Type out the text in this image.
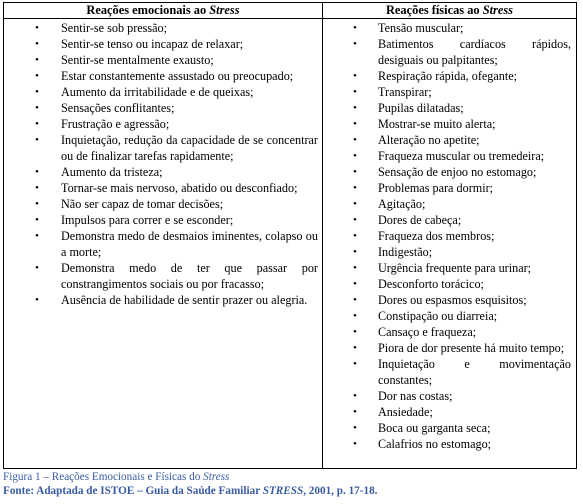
Reações emocionais ao Stress
• Sentir-se sob pressão;
• Sentir-se tenso ou incapaz de relaxar;
• Sentir-se mentalmente exausto;
• Estar constantemente assustado ou preocupado;
• Aumento da irritabilidade e de queixas;
• Sensações conflitantes;
• Frustração e agressão;
• Inquietação, redução da capacidade de se concentrar ou de finalizar tarefas rapidamente;
• Aumento da tristeza;
• Tornar-se mais nervoso, abatido ou desconfiado;
• Não ser capaz de tomar decisões;
• Impulsos para correr e se esconder;
• Demonstra medo de desmaios iminentes, colapso ou a morte;
• Demonstra medo de ter que passar por constrangimentos sociais ou por fracasso;
• Ausência de habilidade de sentir prazer ou alegria.
Reações físicas ao Stress
• Tensão muscular;
• Batimentos cardíacos rápidos, desiguais ou palpitantes;
• Respiração rápida, ofegante;
• Transpirar;
• Pupilas dilatadas;
• Mostrar-se muito alerta;
• Alteração no apetite;
• Fraqueza muscular ou tremedeira;
• Sensação de enjoo no estomago;
• Problemas para dormir;
• Agitação;
• Dores de cabeça;
• Fraqueza dos membros;
• Indigestão;
• Urgência frequente para urinar;
• Desconforto torácico;
• Dores ou espasmos esquisitos;
• Constipação ou diarreia;
• Cansaço e fraqueza;
• Piora de dor presente há muito tempo;
• Inquietação e movimentação constantes;
• Dor nas costas;
• Ansiedade;
• Boca ou garganta seca;
• Calafrios no estomago;
Figura 1 – Reações Emocionais e Físicas do Stress
Fonte: Adaptada de ISTOE – Guia da Saúde Familiar STRESS, 2001, p. 17-18.
